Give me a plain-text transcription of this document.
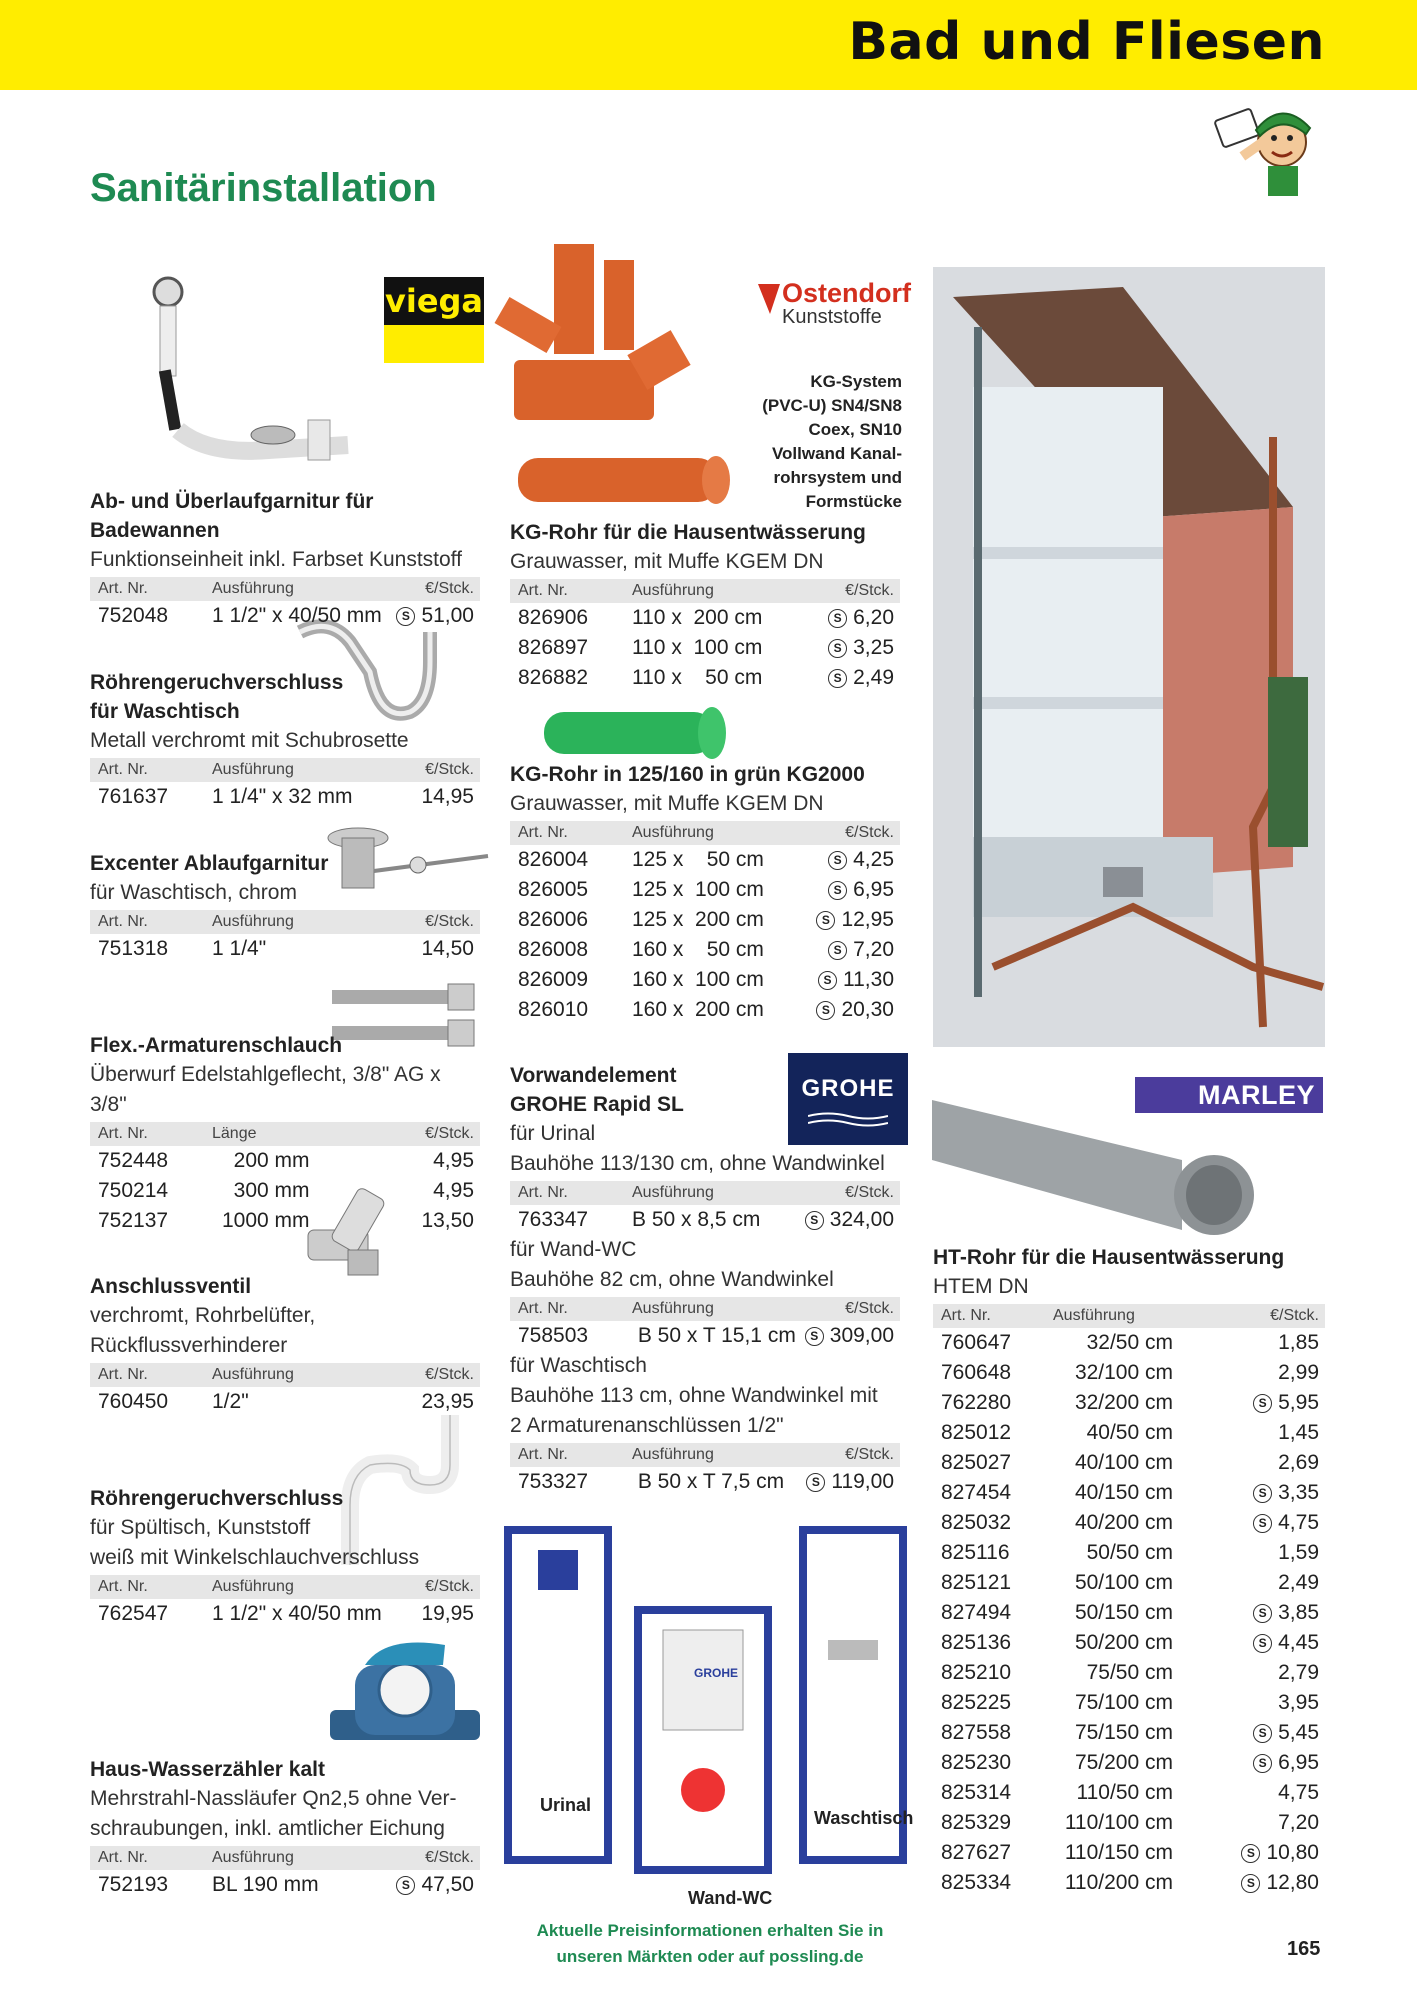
Bad und Fliesen
Sanitärinstallation
viega	Ostendorf
Kunststoffe
GROHE
Urinal
Waschtisch
Wand-WC
GROHE
MARLEY
KG-System
(PVC-U) SN4/SN8
Coex, SN10
Vollwand Kanal-
rohrsystem und
Formstücke
Ab- und Überlaufgarnitur für Badewannen
Funktionseinheit inkl. Farbset Kunststoff
Art. Nr.	Ausführung	€/Stck.
752048 1 1/2" x 40/50 mm	S 51,00
Röhrengeruchverschluss
für Waschtisch
Metall verchromt mit Schubrosette
Art. Nr.	Ausführung	€/Stck.
761637 1 1/4" x 32 mm	14,95
Excenter Ablaufgarnitur
für Waschtisch, chrom
Art. Nr.	Ausführung	€/Stck.
751318 1 1/4"	14,50
Flex.-Armaturenschlauch
Überwurf Edelstahlgeflecht, 3/8" AG x 3/8"
Art. Nr.	Länge	€/Stck.
752448	200 mm	4,95
750214	300 mm	4,95
752137	1000 mm	13,50
Anschlussventil
verchromt, Rohrbelüfter, Rückflussverhinderer
Art. Nr.	Ausführung	€/Stck.
760450 1/2"	23,95
Röhrengeruchverschluss
für Spültisch, Kunststoff
weiß mit Winkelschlauchverschluss
Art. Nr.	Ausführung	€/Stck.
762547 1 1/2" x 40/50 mm 19,95
Haus-Wasserzähler kalt
Mehrstrahl-Nassläufer Qn2,5 ohne Ver-
schraubungen, inkl. amtlicher Eichung
Art. Nr.	Ausführung	€/Stck.
752193 BL 190 mm	S 47,50
KG-Rohr für die Hausentwässerung
Grauwasser, mit Muffe KGEM DN
Art. Nr.	Ausführung	€/Stck.
826906 110 x  200 cm	S 6,20
826897 110 x  100 cm	S 3,25
826882 110 x    50 cm	S 2,49
KG-Rohr in 125/160 in grün KG2000
Grauwasser, mit Muffe KGEM DN
Art. Nr.	Ausführung	€/Stck.
826004 125 x    50 cm	S 4,25
826005 125 x  100 cm	S 6,95
826006 125 x  200 cm	S 12,95
826008 160 x    50 cm	S 7,20
826009 160 x  100 cm	S 11,30
826010 160 x  200 cm	S 20,30
Vorwandelement
GROHE Rapid SL
für Urinal
Bauhöhe 113/130 cm, ohne Wandwinkel
Art. Nr.	Ausführung	€/Stck.
763347 B 50 x 8,5 cm	S 324,00
für Wand-WC
Bauhöhe 82 cm, ohne Wandwinkel
Art. Nr.	Ausführung	€/Stck.
758503 B 50 x T 15,1 cm	S 309,00
für Waschtisch
Bauhöhe 113 cm, ohne Wandwinkel mit
2 Armaturenanschlüssen 1/2"
Art. Nr.	Ausführung	€/Stck.
753327 B 50 x T 7,5 cm	S 119,00
HT-Rohr für die Hausentwässerung
HTEM DN
Art. Nr.	Ausführung	€/Stck.
760647	32/50 cm	1,85
760648	32/100 cm	2,99
762280	32/200 cm	S 5,95
825012	40/50 cm	1,45
825027	40/100 cm	2,69
827454	40/150 cm	S 3,35
825032	40/200 cm	S 4,75
825116	50/50 cm	1,59
825121	50/100 cm	2,49
827494	50/150 cm	S 3,85
825136	50/200 cm	S 4,45
825210	75/50 cm	2,79
825225	75/100 cm	3,95
827558	75/150 cm	S 5,45
825230	75/200 cm	S 6,95
825314	110/50 cm	4,75
825329	110/100 cm	7,20
827627	110/150 cm	S 10,80
825334	110/200 cm	S 12,80
Aktuelle Preisinformationen erhalten Sie in
unseren Märkten oder auf possling.de	165
